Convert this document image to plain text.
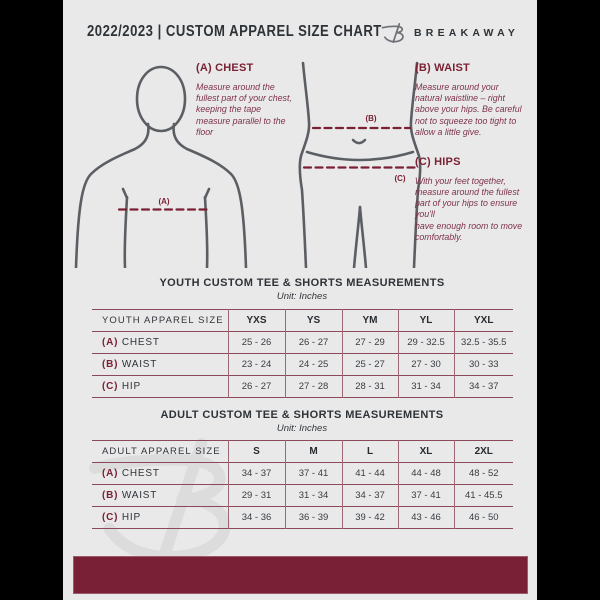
2022/2023 | CUSTOM APPAREL SIZE CHART	BREAKAWAY
(A)

(A) CHEST

Measure around the fullest part of your chest, keeping the tape measure parallel to the floor

(B)
(C)

(B) WAIST

Measure around your natural waistline – right above your hips. Be careful not to squeeze too tight to allow a little give.

(C) HIPS

With your feet together, measure around the fullest part of your hips to ensure you'll
have enough room to move comfortably.

YOUTH CUSTOM TEE & SHORTS MEASUREMENTS
Unit: Inches
YOUTH APPAREL SIZE	YXS	YS	YM	YL	YXL
(A) CHEST	25 - 26	26 - 27	27 - 29	29 - 32.5	32.5 - 35.5
(B) WAIST	23 - 24	24 - 25	25 - 27	27 - 30	30 - 33
(C) HIP	26 - 27	27 - 28	28 - 31	31 - 34	34 - 37
ADULT CUSTOM TEE & SHORTS MEASUREMENTS
Unit: Inches
ADULT APPAREL SIZE	S	M	L	XL	2XL
(A) CHEST	34 - 37	37 - 41	41 - 44	44 - 48	48 - 52
(B) WAIST	29 - 31	31 - 34	34 - 37	37 - 41	41 - 45.5
(C) HIP	34 - 36	36 - 39	39 - 42	43 - 46	46 - 50
